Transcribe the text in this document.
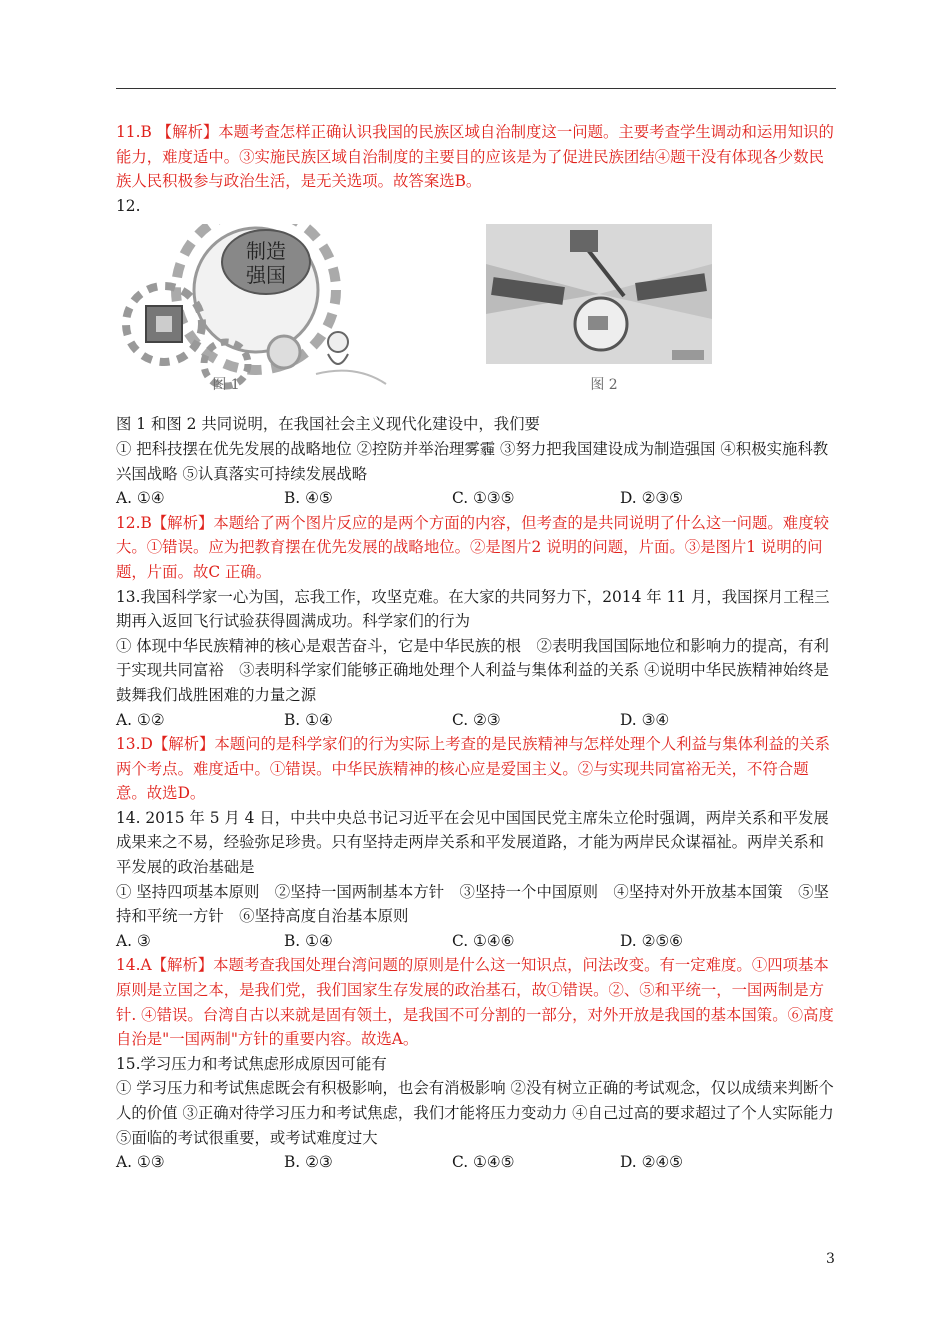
11.B 【解析】本题考查怎样正确认识我国的民族区域自治制度这一问题。主要考查学生调动和运用知识的能力，难度适中。③实施民族区域自治制度的主要目的应该是为了促进民族团结④题干没有体现各少数民族人民积极参与政治生活，是无关选项。故答案选B。

12.

制造
强国
图 1	图 2

图 1 和图 2 共同说明，在我国社会主义现代化建设中，我们要

① 把科技摆在优先发展的战略地位 ②控防并举治理雾霾 ③努力把我国建设成为制造强国 ④积极实施科教兴国战略 ⑤认真落实可持续发展战略

A. ①④	B. ④⑤	C. ①③⑤	D. ②③⑤

12.B【解析】本题给了两个图片反应的是两个方面的内容，但考查的是共同说明了什么这一问题。难度较大。①错误。应为把教育摆在优先发展的战略地位。②是图片2 说明的问题，片面。③是图片1 说明的问题，片面。故C 正确。

13.我国科学家一心为国，忘我工作，攻坚克难。在大家的共同努力下，2014 年 11 月，我国探月工程三期再入返回飞行试验获得圆满成功。科学家们的行为

① 体现中华民族精神的核心是艰苦奋斗，它是中华民族的根　②表明我国国际地位和影响力的提高，有利于实现共同富裕　③表明科学家们能够正确地处理个人利益与集体利益的关系 ④说明中华民族精神始终是鼓舞我们战胜困难的力量之源

A. ①②	B. ①④	C. ②③	D. ③④

13.D【解析】本题问的是科学家们的行为实际上考查的是民族精神与怎样处理个人利益与集体利益的关系两个考点。难度适中。①错误。中华民族精神的核心应是爱国主义。②与实现共同富裕无关，不符合题意。故选D。

14. 2015 年 5 月 4 日，中共中央总书记习近平在会见中国国民党主席朱立伦时强调，两岸关系和平发展成果来之不易，经验弥足珍贵。只有坚持走两岸关系和平发展道路，才能为两岸民众谋福祉。两岸关系和平发展的政治基础是

① 坚持四项基本原则　②坚持一国两制基本方针　③坚持一个中国原则　④坚持对外开放基本国策　⑤坚持和平统一方针　⑥坚持高度自治基本原则

A. ③	B. ①④	C. ①④⑥	D. ②⑤⑥

14.A【解析】本题考查我国处理台湾问题的原则是什么这一知识点，问法改变。有一定难度。①四项基本原则是立国之本，是我们党，我们国家生存发展的政治基石，故①错误。②、⑤和平统一，一国两制是方针. ④错误。台湾自古以来就是固有领土，是我国不可分割的一部分，对外开放是我国的基本国策。⑥高度自治是"一国两制"方针的重要内容。故选A。

15.学习压力和考试焦虑形成原因可能有

① 学习压力和考试焦虑既会有积极影响，也会有消极影响 ②没有树立正确的考试观念，仅以成绩来判断个人的价值 ③正确对待学习压力和考试焦虑，我们才能将压力变动力 ④自己过高的要求超过了个人实际能力 ⑤面临的考试很重要，或考试难度过大

A. ①③	B. ②③	C. ①④⑤	D. ②④⑤
3
